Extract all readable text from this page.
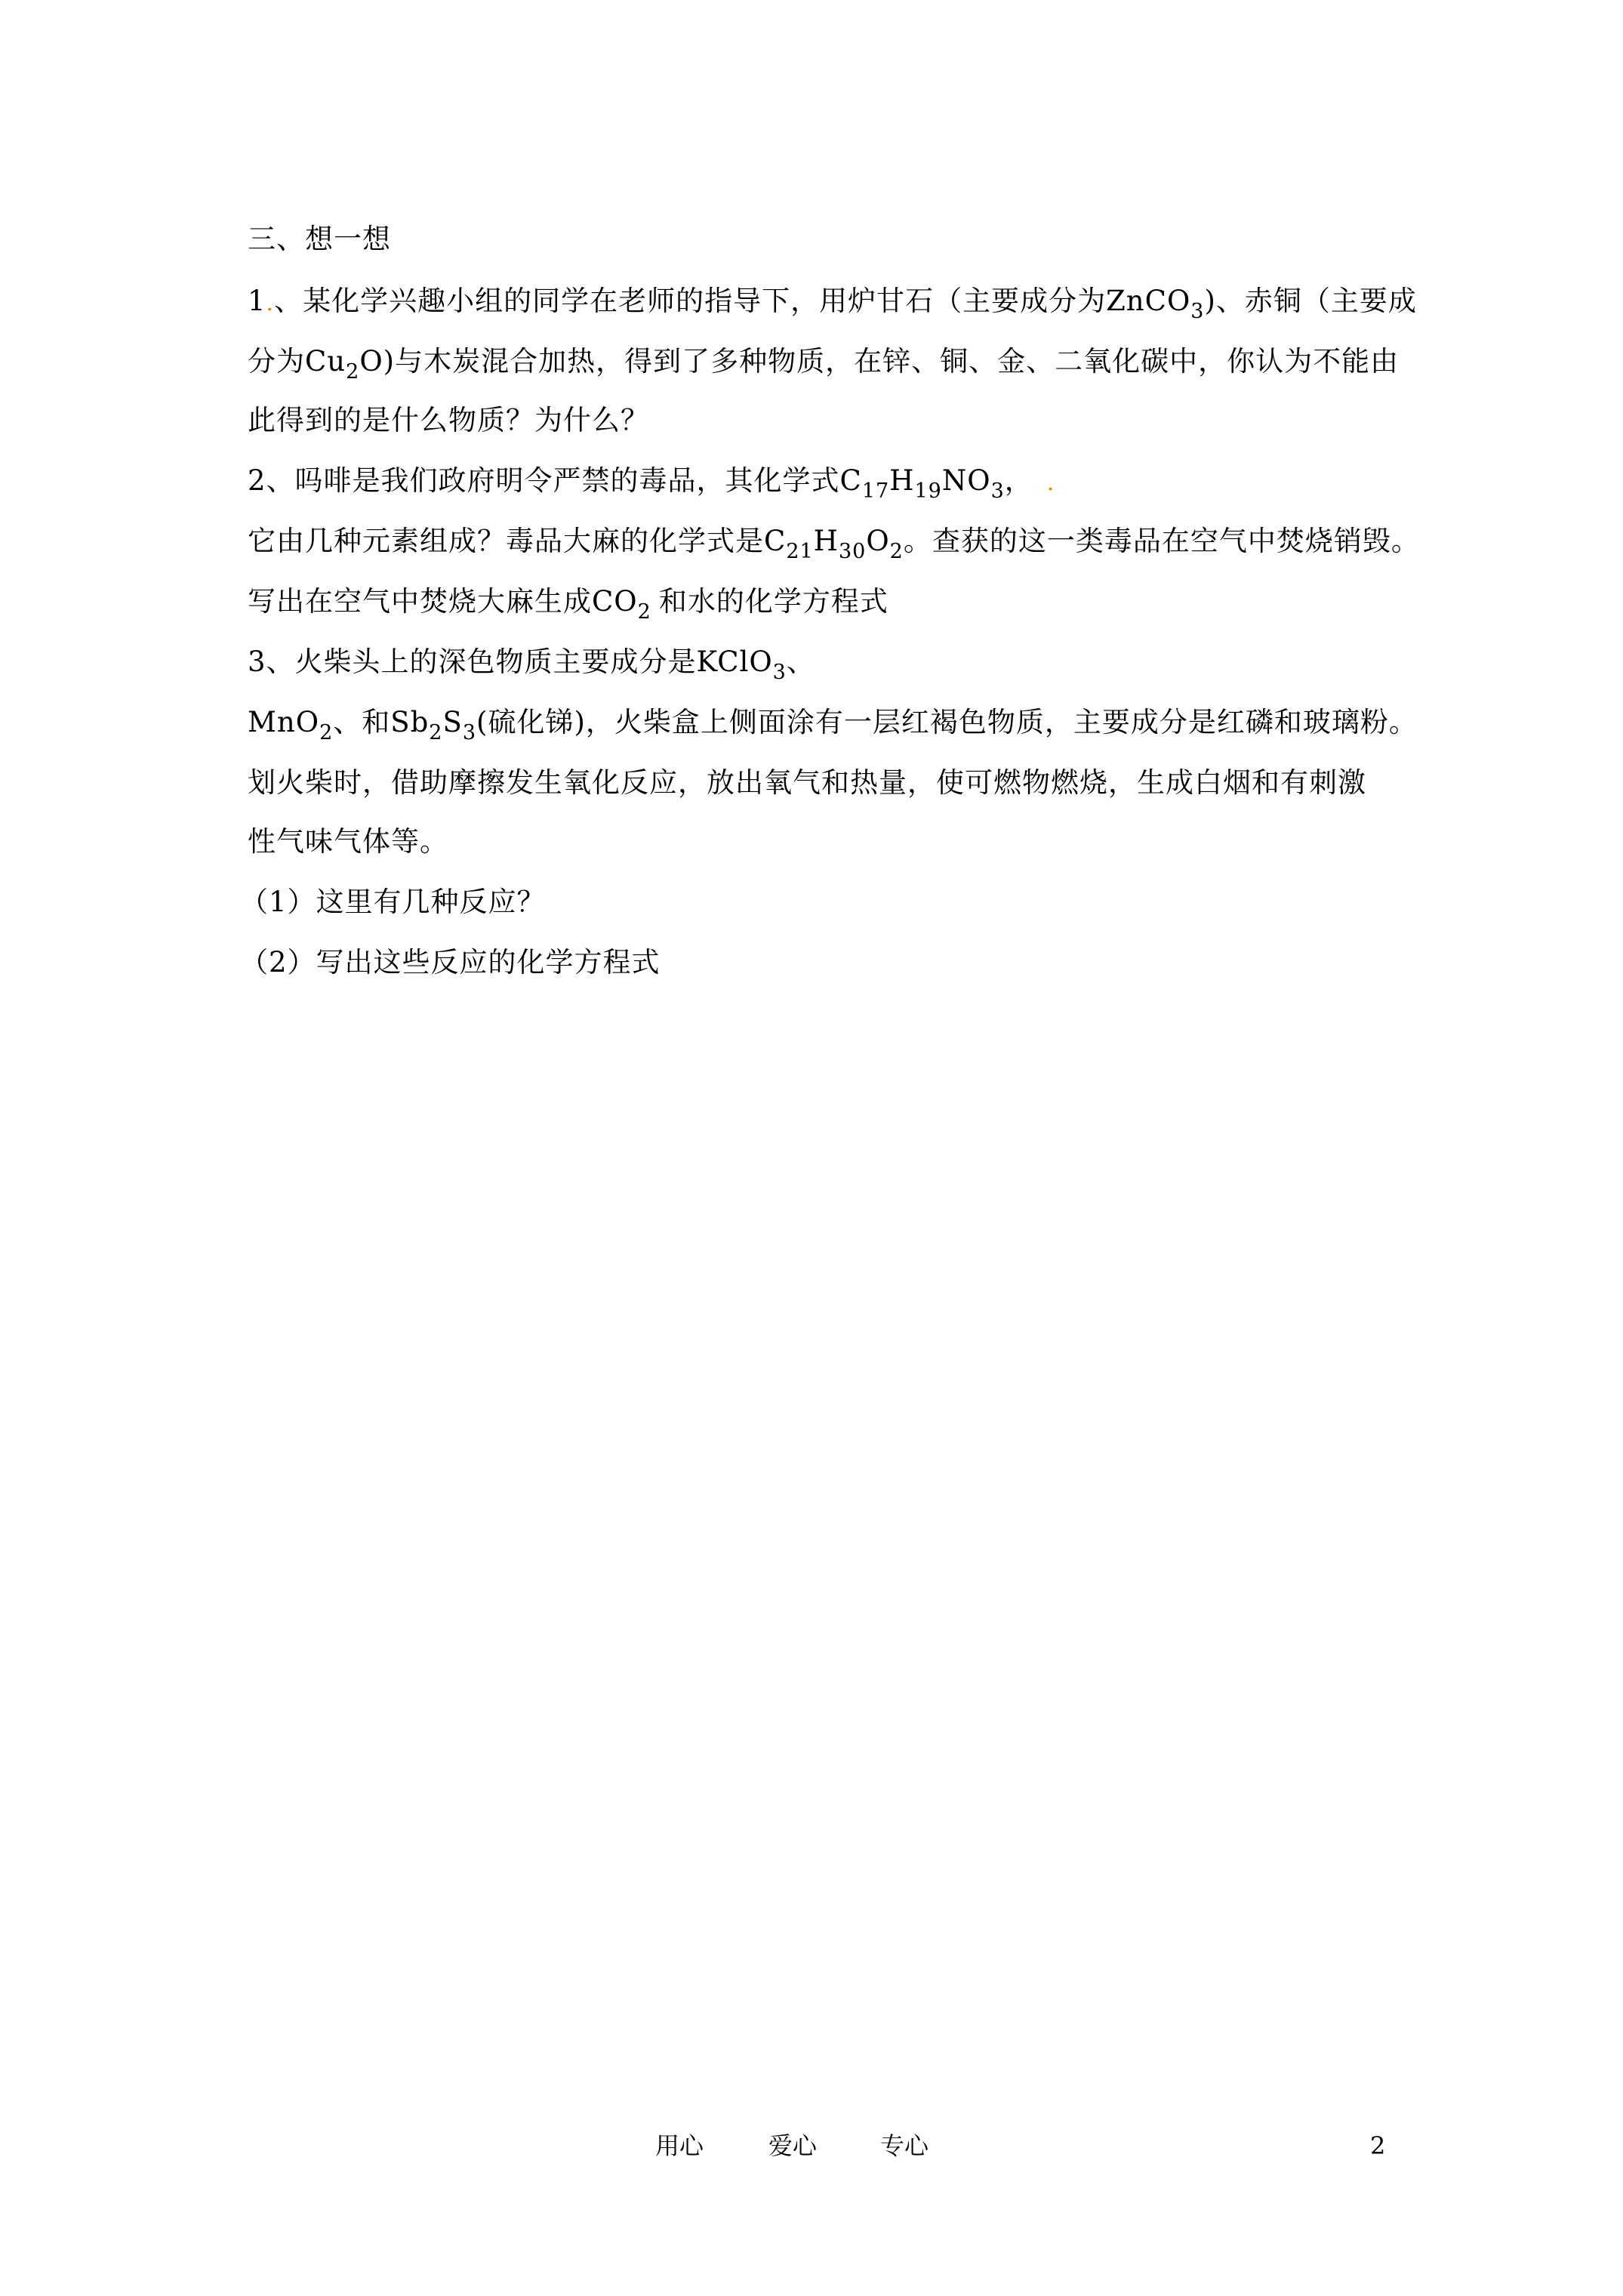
三、想一想
1.、某化学兴趣小组的同学在老师的指导下，用炉甘石（主要成分为ZnCO$_3$)、赤铜（主要成
分为$Cu_2O$)与木炭混合加热，得到了多种物质，在锌、铜、金、二氧化碳中，你认为不能由
此得到的是什么物质？为什么？
2、吗啡是我们政府明令严禁的毒品，其化学式$C_{17}H_{19}NO_3$， .
它由几种元素组成？毒品大麻的化学式是$C_{21}H_{30}O_2$。查获的这一类毒品在空气中焚烧销毁。
写出在空气中焚烧大麻生成$CO_2$ 和水的化学方程式
3、火柴头上的深色物质主要成分是KClO$_3$、
MnO$_2$、和$Sb_2S_3$(硫化锑)，火柴盒上侧面涂有一层红褐色物质，主要成分是红磷和玻璃粉。
划火柴时，借助摩擦发生氧化反应，放出氧气和热量，使可燃物燃烧，生成白烟和有刺激
性气味气体等。
（1）这里有几种反应？
（2）写出这些反应的化学方程式
用心	爱心	专心	2
